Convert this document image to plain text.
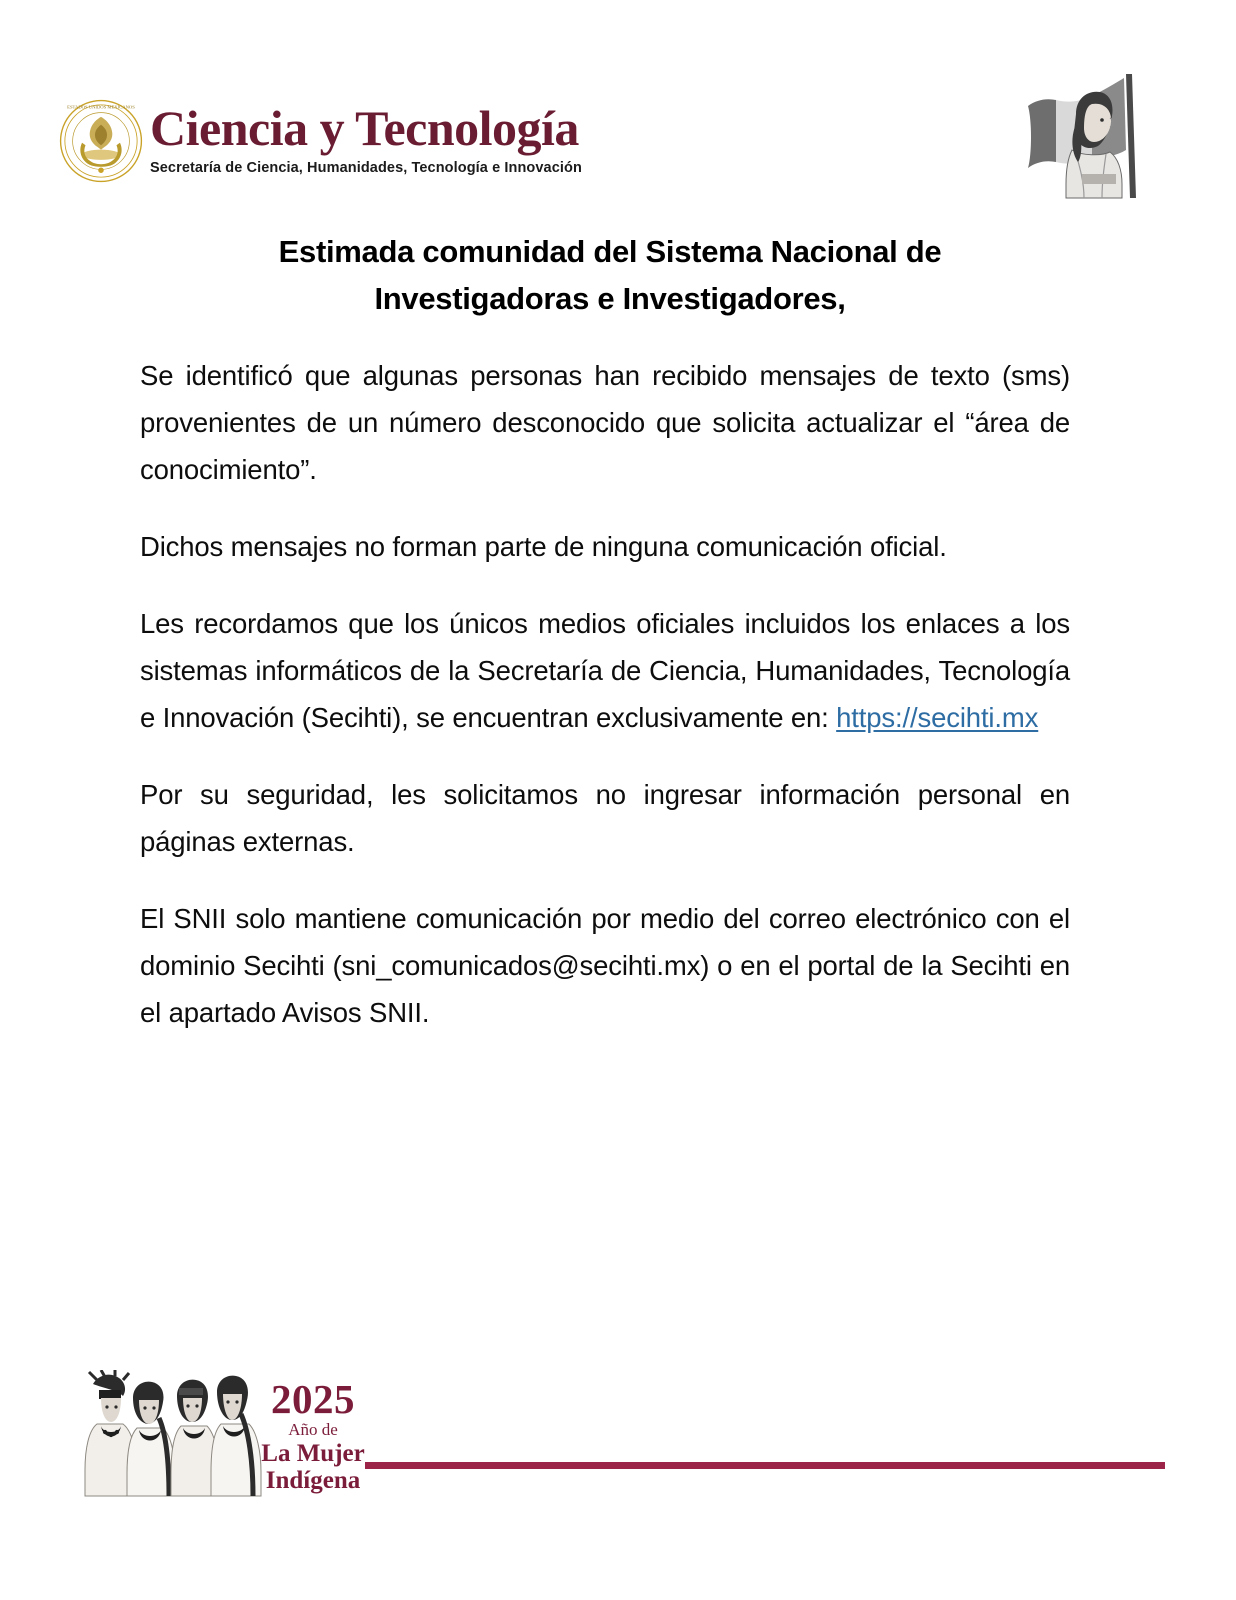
ESTADOS UNIDOS MEXICANOS Ciencia y Tecnología
Secretaría de Ciencia, Humanidades, Tecnología e Innovación
Estimada comunidad del Sistema Nacional de
Investigadoras e Investigadores,

Se identificó que algunas personas han recibido mensajes de texto (sms) provenientes de un número desconocido que solicita actualizar el “área de conocimiento”.

Dichos mensajes no forman parte de ninguna comunicación oficial.

Les recordamos que los únicos medios oficiales incluidos los enlaces a los sistemas informáticos de la Secretaría de Ciencia, Humanidades, Tecnología e Innovación (Secihti), se encuentran exclusivamente en: https://secihti.mx

Por su seguridad, les solicitamos no ingresar información personal en páginas externas.

El SNII solo mantiene comunicación por medio del correo electrónico con el dominio Secihti (sni_comunicados@secihti.mx) o en el portal de la Secihti en el apartado Avisos SNII.

2025
Año de
La Mujer
Indígena
